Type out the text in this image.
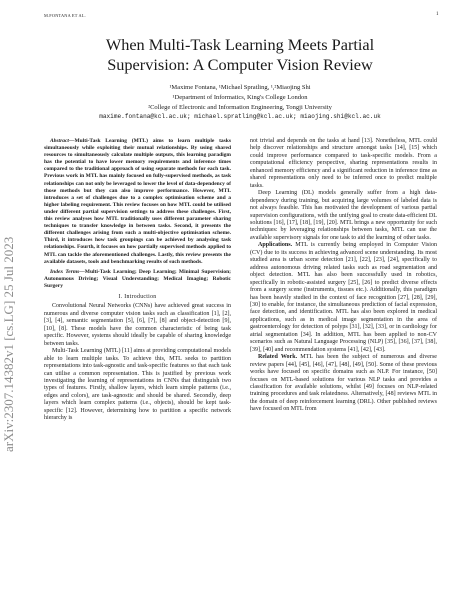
M.FONTANA ET AL.	1
arXiv:2307.14382v1 [cs.LG] 25 Jul 2023
When Multi-Task Learning Meets Partial
Supervision: A Computer Vision Review
¹Maxime Fontana, ¹Michael Spratling, ¹,²Miaojing Shi
¹Department of Informatics, King's College London
²College of Electronic and Information Engineering, Tongji University
maxime.fontana@kcl.ac.uk; michael.spratling@kcl.ac.uk; miaojing.shi@kcl.ac.uk

Abstract—Multi-Task Learning (MTL) aims to learn multiple tasks simultaneously while exploiting their mutual relationships. By using shared resources to simultaneously calculate multiple outputs, this learning paradigm has the potential to have lower memory requirements and inference times compared to the traditional approach of using separate methods for each task. Previous work in MTL has mainly focused on fully-supervised methods, as task relationships can not only be leveraged to lower the level of data-dependency of those methods but they can also improve performance. However, MTL introduces a set of challenges due to a complex optimisation scheme and a higher labeling requirement. This review focuses on how MTL could be utilised under different partial supervision settings to address these challenges. First, this review analyses how MTL traditionally uses different parameter sharing techniques to transfer knowledge in between tasks. Second, it presents the different challenges arising from such a multi-objective optimisation scheme. Third, it introduces how task groupings can be achieved by analysing task relationships. Fourth, it focuses on how partially supervised methods applied to MTL can tackle the aforementioned challenges. Lastly, this review presents the available datasets, tools and benchmarking results of such methods.

Index Terms—Multi-Task Learning; Deep Learning; Minimal Supervision; Autonomous Driving; Visual Understanding; Medical Imaging; Robotic Surgery

I. Introduction

Convolutional Neural Networks (CNNs) have achieved great success in numerous and diverse computer vision tasks such as classification [1], [2], [3], [4], semantic segmentation [5], [6], [7], [8] and object-detection [9], [10], [8]. These models have the common characteristic of being task specific. However, systems should ideally be capable of sharing knowledge between tasks.

Multi-Task Learning (MTL) [11] aims at providing computational models able to learn multiple tasks. To achieve this, MTL seeks to partition representations into task-agnostic and task-specific features so that each task can utilise a common representation. This is justified by previous work investigating the learning of representations in CNNs that distinguish two types of features. Firstly, shallow layers, which learn simple patterns (i.e., edges and colors), are task-agnostic and should be shared. Secondly, deep layers which learn complex patterns (i.e., objects), should be kept task-specific [12]. However, determining how to partition a specific network hierarchy is

not trivial and depends on the tasks at hand [13]. Nonetheless, MTL could help discover relationships and structure amongst tasks [14], [15] which could improve performance compared to task-specific models. From a computational efficiency perspective, sharing representations results in enhanced memory efficiency and a significant reduction in inference time as shared representations only need to be inferred once to predict multiple tasks.

Deep Learning (DL) models generally suffer from a high data-dependency during training, but acquiring large volumes of labeled data is not always feasible. This has motivated the development of various partial supervision configurations, with the unifying goal to create data-efficient DL solutions [16], [17], [18], [19], [20]. MTL brings a new opportunity for such techniques: by leveraging relationships between tasks, MTL can use the available supervisory signals for one task to aid the learning of other tasks.

Applications. MTL is currently being employed in Computer Vision (CV) due to its success in achieving advanced scene understanding. Its most studied area is urban scene detection [21], [22], [23], [24], specifically to address autonomous driving related tasks such as road segmentation and object detection. MTL has also been successfully used in robotics, specifically in robotic-assisted surgery [25], [26] to predict diverse effects from a surgery scene (instruments, tissues etc.). Additionally, this paradigm has been heavily studied in the context of face recognition [27], [28], [29], [30] to enable, for instance, the simultaneous prediction of facial expression, face detection, and identification. MTL has also been explored in medical applications, such as in medical image segmentation in the area of gastroenterology for detection of polyps [31], [32], [33], or in cardiology for atrial segmentation [34]. In addition, MTL has been applied to non-CV scenarios such as Natural Language Processing (NLP) [35], [36], [37], [38], [39], [40] and recommendation systems [41], [42], [43].

Related Work. MTL has been the subject of numerous and diverse review papers [44], [45], [46], [47], [48], [49], [50]. Some of these previous works have focused on specific domains such as NLP. For instance, [50] focuses on MTL-based solutions for various NLP tasks and provides a classification for available solutions, whilst [49] focuses on NLP-related training procedures and task relatedness. Alternatively, [48] reviews MTL in the domain of deep reinforcement learning (DRL). Other published reviews have focused on MTL from
